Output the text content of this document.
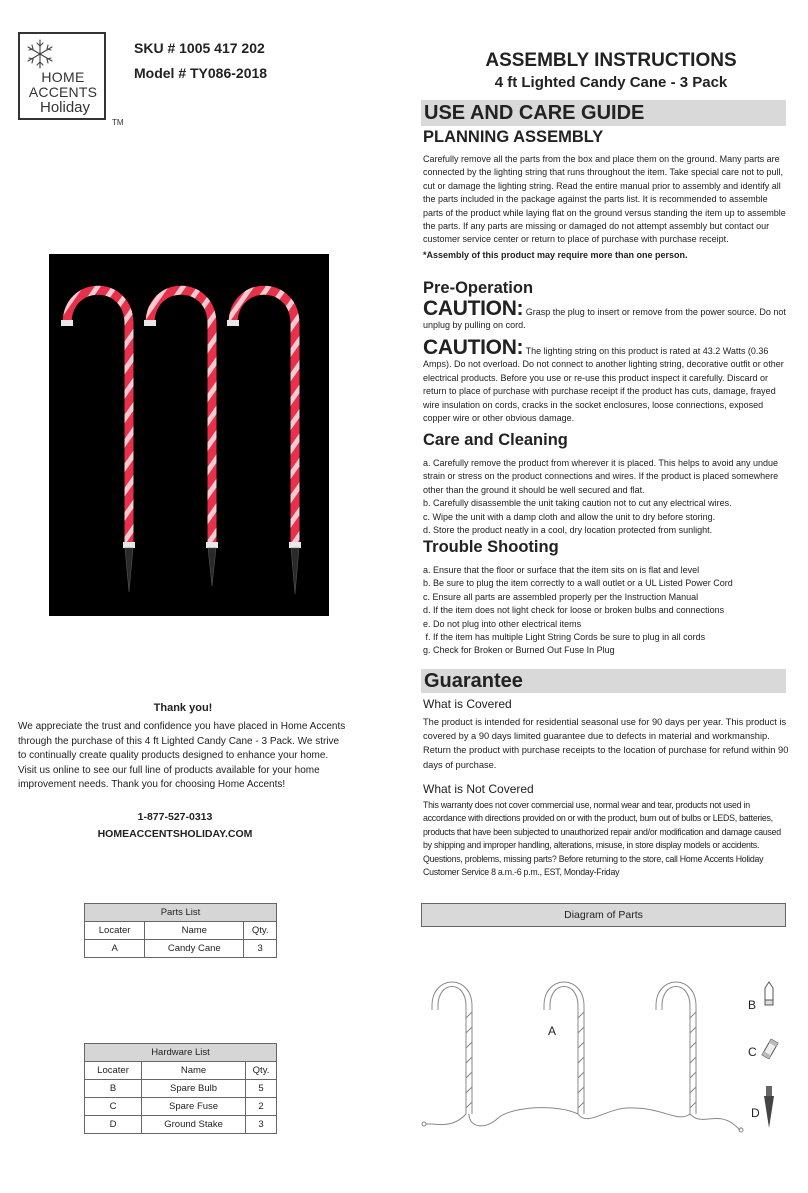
HOME
ACCENTS
Holiday
TM
SKU # 1005 417 202
Model # TY086-2018
Thank you!
We appreciate the trust and confidence you have placed in Home Accents through the purchase of this 4 ft Lighted Candy Cane - 3 Pack. We strive to continually create quality products designed to enhance your home. Visit us online to see our full line of products available for your home improvement needs. Thank you for choosing Home Accents!
1-877-527-0313
HOMEACCENTSHOLIDAY.COM
Parts List		
Locater	Name	Qty.
A	Candy Cane	3
Hardware List		
Locater	Name	Qty.
B	Spare Bulb	5
C	Spare Fuse	2
D	Ground Stake	3
ASSEMBLY INSTRUCTIONS
4 ft Lighted Candy Cane - 3 Pack
USE AND CARE GUIDE
PLANNING ASSEMBLY

Carefully remove all the parts from the box and place them on the ground. Many parts are connected by the lighting string that runs throughout the item. Take special care not to pull, cut or damage the lighting string. Read the entire manual prior to assembly and identify all the parts included in the package against the parts list. It is recommended to assemble parts of the product while laying flat on the ground versus standing the item up to assemble the parts. If any parts are missing or damaged do not attempt assembly but contact our customer service center or return to place of purchase with purchase receipt.

*Assembly of this product may require more than one person.

Pre-Operation
CAUTION: Grasp the plug to insert or remove from the power source. Do not unplug by pulling on cord.
CAUTION: The lighting string on this product is rated at 43.2 Watts (0.36 Amps). Do not overload. Do not connect to another lighting string, decorative outfit or other electrical products. Before you use or re-use this product inspect it carefully. Discard or return to place of purchase with purchase receipt if the product has cuts, damage, frayed wire insulation on cords, cracks in the socket enclosures, loose connections, exposed copper wire or other obvious damage.
Care and Cleaning

a. Carefully remove the product from wherever it is placed. This helps to avoid any undue strain or stress on the product connections and wires. If the product is placed somewhere other than the ground it should be well secured and flat.

b. Carefully disassemble the unit taking caution not to cut any electrical wires.

c. Wipe the unit with a damp cloth and allow the unit to dry before storing.

d. Store the product neatly in a cool, dry location protected from sunlight.

Trouble Shooting

a. Ensure that the floor or surface that the item sits on is flat and level

b. Be sure to plug the item correctly to a wall outlet or a UL Listed Power Cord

c. Ensure all parts are assembled properly per the Instruction Manual

d. If the item does not light check for loose or broken bulbs and connections

e. Do not plug into other electrical items

f. If the item has multiple Light String Cords be sure to plug in all cords

g. Check for Broken or Burned Out Fuse In Plug

Guarantee
What is Covered
The product is intended for residential seasonal use for 90 days per year. This product is covered by a 90 days limited guarantee due to defects in material and workmanship. Return the product with purchase receipts to the location of purchase for refund within 90 days of purchase.
What is Not Covered
This warranty does not cover commercial use, normal wear and tear, products not used in accordance with directions provided on or with the product, burn out of bulbs or LEDS, batteries, products that have been subjected to unauthorized repair and/or modification and damage caused by shipping and improper handling, alterations, misuse, in store display models or accidents. Questions, problems, missing parts? Before returning to the store, call Home Accents Holiday Customer Service 8 a.m.-6 p.m., EST, Monday-Friday
Diagram of Parts
A
B
C
D
